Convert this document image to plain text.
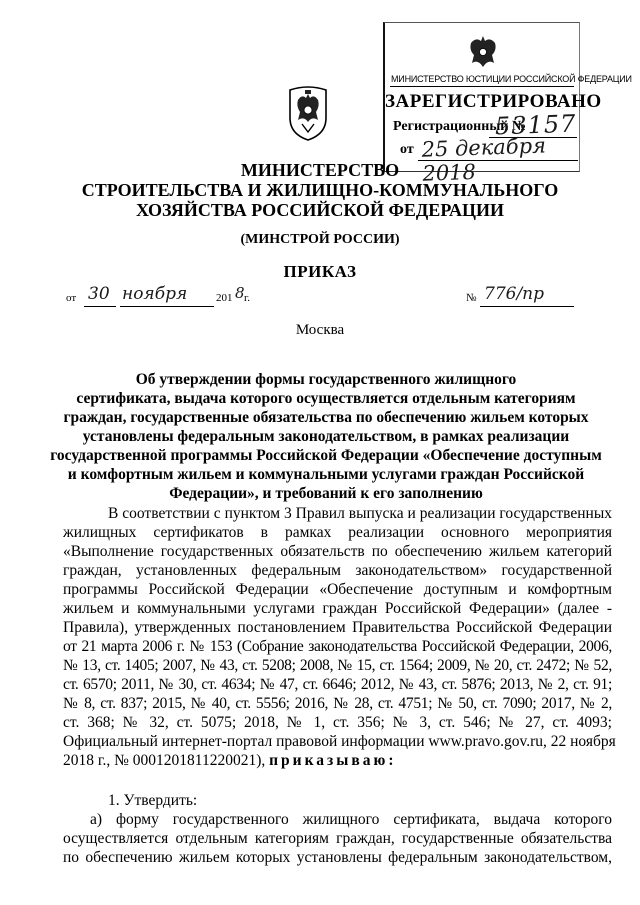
МИНИСТЕРСТВО ЮСТИЦИИ РОССИЙСКОЙ ФЕДЕРАЦИИ
ЗАРЕГИСТРИРОВАНО
Регистрационный №
53157
от 25 декабря 2018
МИНИСТЕРСТВО
СТРОИТЕЛЬСТВА И ЖИЛИЩНО-КОММУНАЛЬНОГО
ХОЗЯЙСТВА РОССИЙСКОЙ ФЕДЕРАЦИИ
(МИНСТРОЙ РОССИИ)
ПРИКАЗ
от 30 ноября	201 8 г.	№ 776/пр
Москва
Об утверждении формы государственного жилищного
сертификата, выдача которого осуществляется отдельным категориям
граждан, государственные обязательства по обеспечению жильем которых
установлены федеральным законодательством, в рамках реализации
государственной программы Российской Федерации «Обеспечение доступным
и комфортным жильем и коммунальными услугами граждан Российской
Федерации», и требований к его заполнению
В соответствии с пунктом 3 Правил выпуска и реализации государственных
жилищных сертификатов в рамках реализации основного мероприятия
«Выполнение государственных обязательств по обеспечению жильем категорий
граждан, установленных федеральным законодательством» государственной
программы Российской Федерации «Обеспечение доступным и комфортным
жильем и коммунальными услугами граждан Российской Федерации» (далее -
Правила), утвержденных постановлением Правительства Российской Федерации
от 21 марта 2006 г. № 153 (Собрание законодательства Российской Федерации, 2006,
№ 13, ст. 1405; 2007, № 43, ст. 5208; 2008, № 15, ст. 1564; 2009, № 20, ст. 2472; № 52,
ст. 6570; 2011, № 30, ст. 4634; № 47, ст. 6646; 2012, № 43, ст. 5876; 2013, № 2, ст. 91;
№ 8, ст. 837; 2015, № 40, ст. 5556; 2016, № 28, ст. 4751; № 50, ст. 7090; 2017, № 2,
ст. 368; № 32, ст. 5075; 2018, № 1, ст. 356; № 3, ст. 546; № 27, ст. 4093;
Официальный интернет-портал правовой информации www.pravo.gov.ru, 22 ноября
2018 г., № 0001201811220021), приказываю:
1. Утвердить:
а) форму государственного жилищного сертификата, выдача которого
осуществляется отдельным категориям граждан, государственные обязательства
по обеспечению жильем которых установлены федеральным законодательством,
